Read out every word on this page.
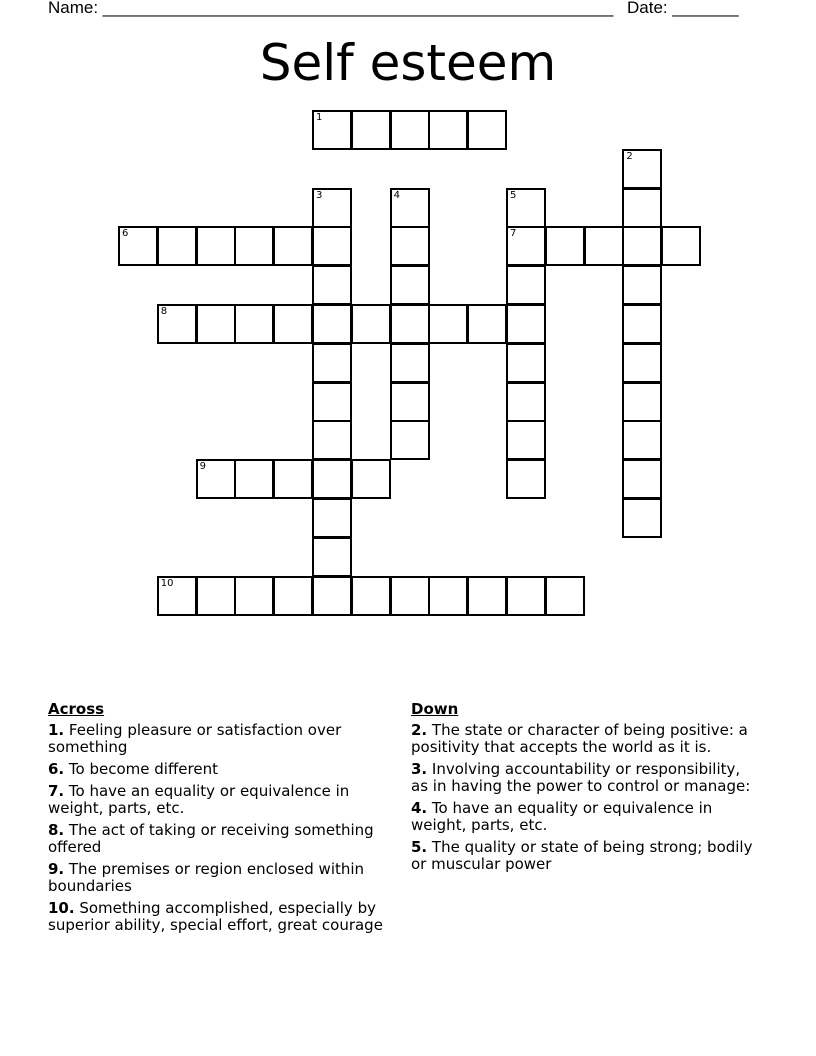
Name: ______________________________________________________ Date: _______
Self esteem
1
2
3	4	5
7
6
8
9
10
Across
1. Feeling pleasure or satisfaction over something
6. To become different
7. To have an equality or equivalence in weight, parts, etc.
8. The act of taking or receiving something offered
9. The premises or region enclosed within boundaries
10. Something accomplished, especially by superior ability, special effort, great courage
Down
2. The state or character of being positive: a positivity that accepts the world as it is.
3. Involving accountability or responsibility, as in having the power to control or manage:
4. To have an equality or equivalence in weight, parts, etc.
5. The quality or state of being strong; bodily or muscular power
